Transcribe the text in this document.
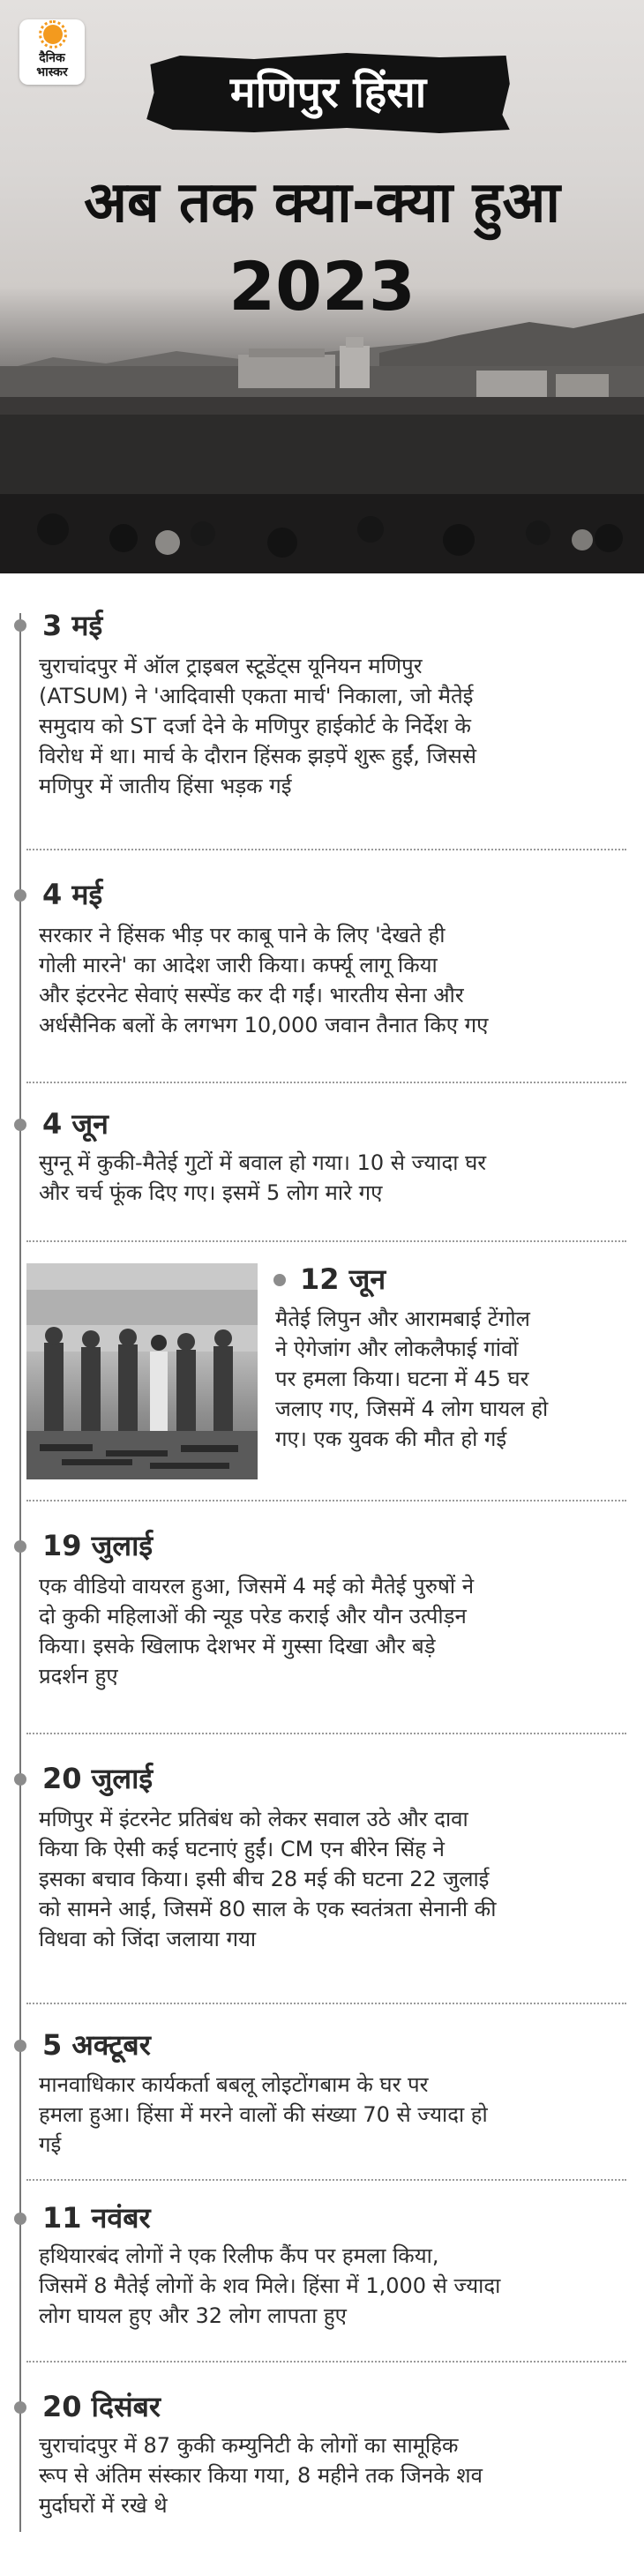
दैनिक
भास्कर	मणिपुर हिंसा
अब तक क्या-क्या हुआ
2023
3 मई
चुराचांदपुर में ऑल ट्राइबल स्टूडेंट्स यूनियन मणिपुर
(ATSUM) ने 'आदिवासी एकता मार्च' निकाला, जो मैतेई
समुदाय को ST दर्जा देने के मणिपुर हाईकोर्ट के निर्देश के
विरोध में था। मार्च के दौरान हिंसक झड़पें शुरू हुईं, जिससे
मणिपुर में जातीय हिंसा भड़क गई
4 मई
सरकार ने हिंसक भीड़ पर काबू पाने के लिए 'देखते ही
गोली मारने' का आदेश जारी किया। कर्फ्यू लागू किया
और इंटरनेट सेवाएं सस्पेंड कर दी गईं। भारतीय सेना और
अर्धसैनिक बलों के लगभग 10,000 जवान तैनात किए गए
4 जून
सुग्नू में कुकी-मैतेई गुटों में बवाल हो गया। 10 से ज्यादा घर
और चर्च फूंक दिए गए। इसमें 5 लोग मारे गए
12 जून
मैतेई लिपुन और आरामबाई टेंगोल
ने ऐगेजांग और लोकलैफाई गांवों
पर हमला किया। घटना में 45 घर
जलाए गए, जिसमें 4 लोग घायल हो
गए। एक युवक की मौत हो गई
19 जुलाई
एक वीडियो वायरल हुआ, जिसमें 4 मई को मैतेई पुरुषों ने
दो कुकी महिलाओं की न्यूड परेड कराई और यौन उत्पीड़न
किया। इसके खिलाफ देशभर में गुस्सा दिखा और बड़े
प्रदर्शन हुए
20 जुलाई
मणिपुर में इंटरनेट प्रतिबंध को लेकर सवाल उठे और दावा
किया कि ऐसी कई घटनाएं हुईं। CM एन बीरेन सिंह ने
इसका बचाव किया। इसी बीच 28 मई की घटना 22 जुलाई
को सामने आई, जिसमें 80 साल के एक स्वतंत्रता सेनानी की
विधवा को जिंदा जलाया गया
5 अक्टूबर
मानवाधिकार कार्यकर्ता बबलू लोइटोंगबाम के घर पर
हमला हुआ। हिंसा में मरने वालों की संख्या 70 से ज्यादा हो
गई
11 नवंबर
हथियारबंद लोगों ने एक रिलीफ कैंप पर हमला किया,
जिसमें 8 मैतेई लोगों के शव मिले। हिंसा में 1,000 से ज्यादा
लोग घायल हुए और 32 लोग लापता हुए
20 दिसंबर
चुराचांदपुर में 87 कुकी कम्युनिटी के लोगों का सामूहिक
रूप से अंतिम संस्कार किया गया, 8 महीने तक जिनके शव
मुर्दाघरों में रखे थे
